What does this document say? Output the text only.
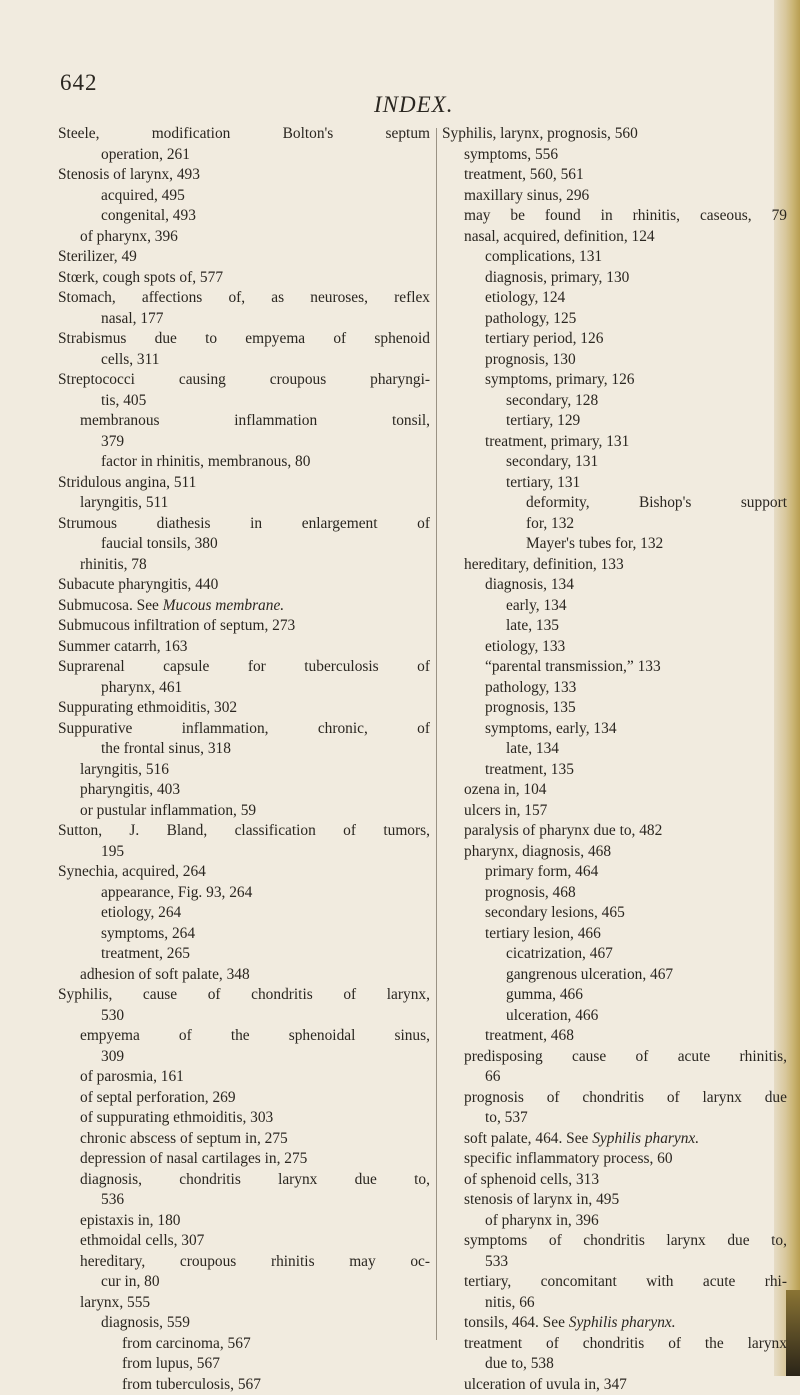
642
INDEX.
Steele,	modification	Bolton's	septum
operation, 261
Stenosis of larynx, 493
acquired, 495
congenital, 493
of pharynx, 396
Sterilizer, 49
Stœrk, cough spots of, 577
Stomach, affections of, as neuroses, reflex
nasal, 177
Strabismus due to empyema of sphenoid
cells, 311
Streptococci	causing	croupous	pharyngi-
tis, 405
membranous	inflammation	tonsil,
379
factor in rhinitis, membranous, 80
Stridulous angina, 511
laryngitis, 511
Strumous	diathesis	in	enlargement	of
faucial tonsils, 380
rhinitis, 78
Subacute pharyngitis, 440
Submucosa. See Mucous membrane.
Submucous infiltration of septum, 273
Summer catarrh, 163
Suprarenal	capsule	for	tuberculosis	of
pharynx, 461
Suppurating ethmoiditis, 302
Suppurative	inflammation,	chronic,	of
the frontal sinus, 318
laryngitis, 516
pharyngitis, 403
or pustular inflammation, 59
Sutton, J. Bland, classification of tumors,
195
Synechia, acquired, 264
appearance, Fig. 93, 264
etiology, 264
symptoms, 264
treatment, 265
adhesion of soft palate, 348
Syphilis, cause of chondritis of larynx,
530
empyema	of	the	sphenoidal	sinus,
309
of parosmia, 161
of septal perforation, 269
of suppurating ethmoiditis, 303
chronic abscess of septum in, 275
depression of nasal cartilages in, 275
diagnosis, chondritis larynx due to,
536
epistaxis in, 180
ethmoidal cells, 307
hereditary, croupous rhinitis may oc-
cur in, 80
larynx, 555
diagnosis, 559
from carcinoma, 567
from lupus, 567
from tuberculosis, 567
Syphilis, larynx, prognosis, 560
symptoms, 556
treatment, 560, 561
maxillary sinus, 296
may be found in rhinitis, caseous, 79
nasal, acquired, definition, 124
complications, 131
diagnosis, primary, 130
etiology, 124
pathology, 125
tertiary period, 126
prognosis, 130
symptoms, primary, 126
secondary, 128
tertiary, 129
treatment, primary, 131
secondary, 131
tertiary, 131
deformity,	Bishop's	support
for, 132
Mayer's tubes for, 132
hereditary, definition, 133
diagnosis, 134
early, 134
late, 135
etiology, 133
“parental transmission,” 133
pathology, 133
prognosis, 135
symptoms, early, 134
late, 134
treatment, 135
ozena in, 104
ulcers in, 157
paralysis of pharynx due to, 482
pharynx, diagnosis, 468
primary form, 464
prognosis, 468
secondary lesions, 465
tertiary lesion, 466
cicatrization, 467
gangrenous ulceration, 467
gumma, 466
ulceration, 466
treatment, 468
predisposing cause of acute rhinitis,
66
prognosis of chondritis of larynx due
to, 537
soft palate, 464. See Syphilis pharynx.
specific inflammatory process, 60
of sphenoid cells, 313
stenosis of larynx in, 495
of pharynx in, 396
symptoms of chondritis larynx due to,
533
tertiary, concomitant with acute rhi-
nitis, 66
tonsils, 464. See Syphilis pharynx.
treatment of chondritis of the larynx
due to, 538
ulceration of uvula in, 347
